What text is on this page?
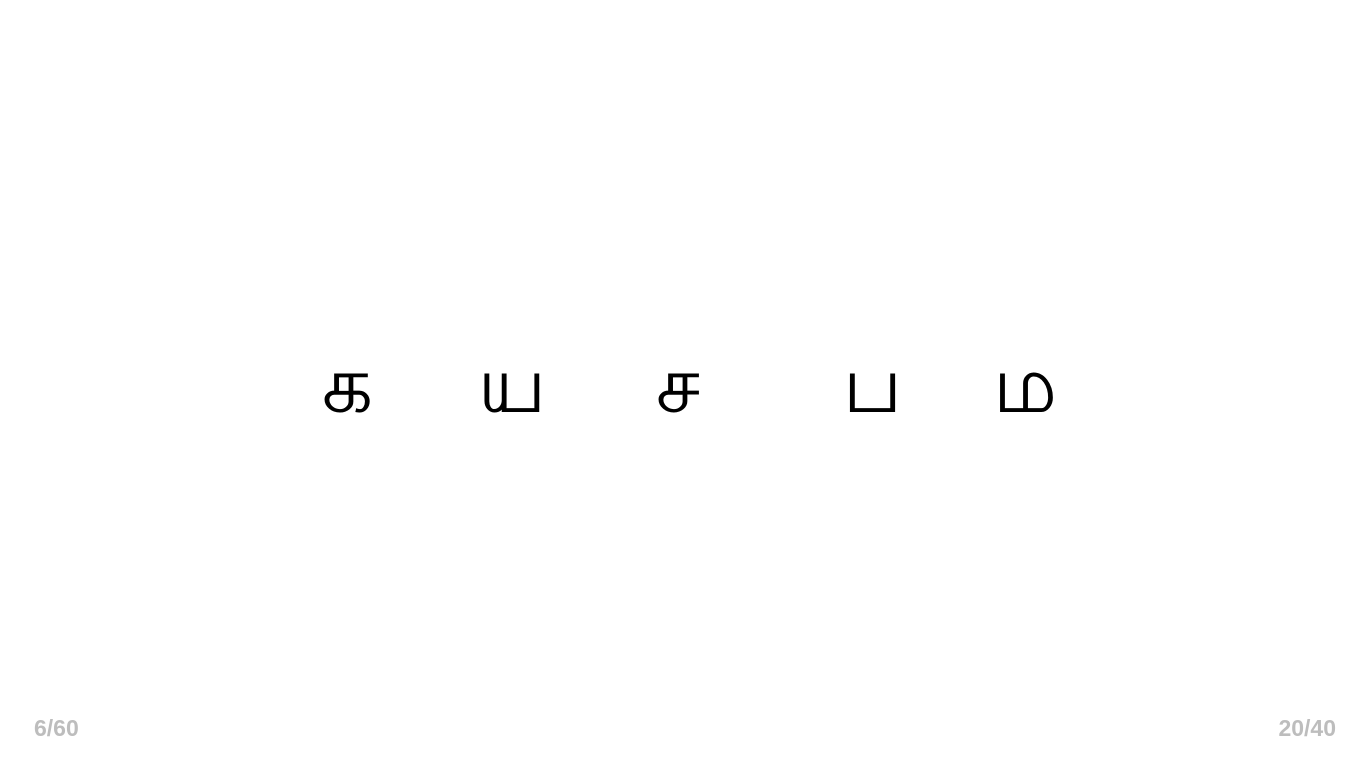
க ய ச ப ம
6/60	20/40
